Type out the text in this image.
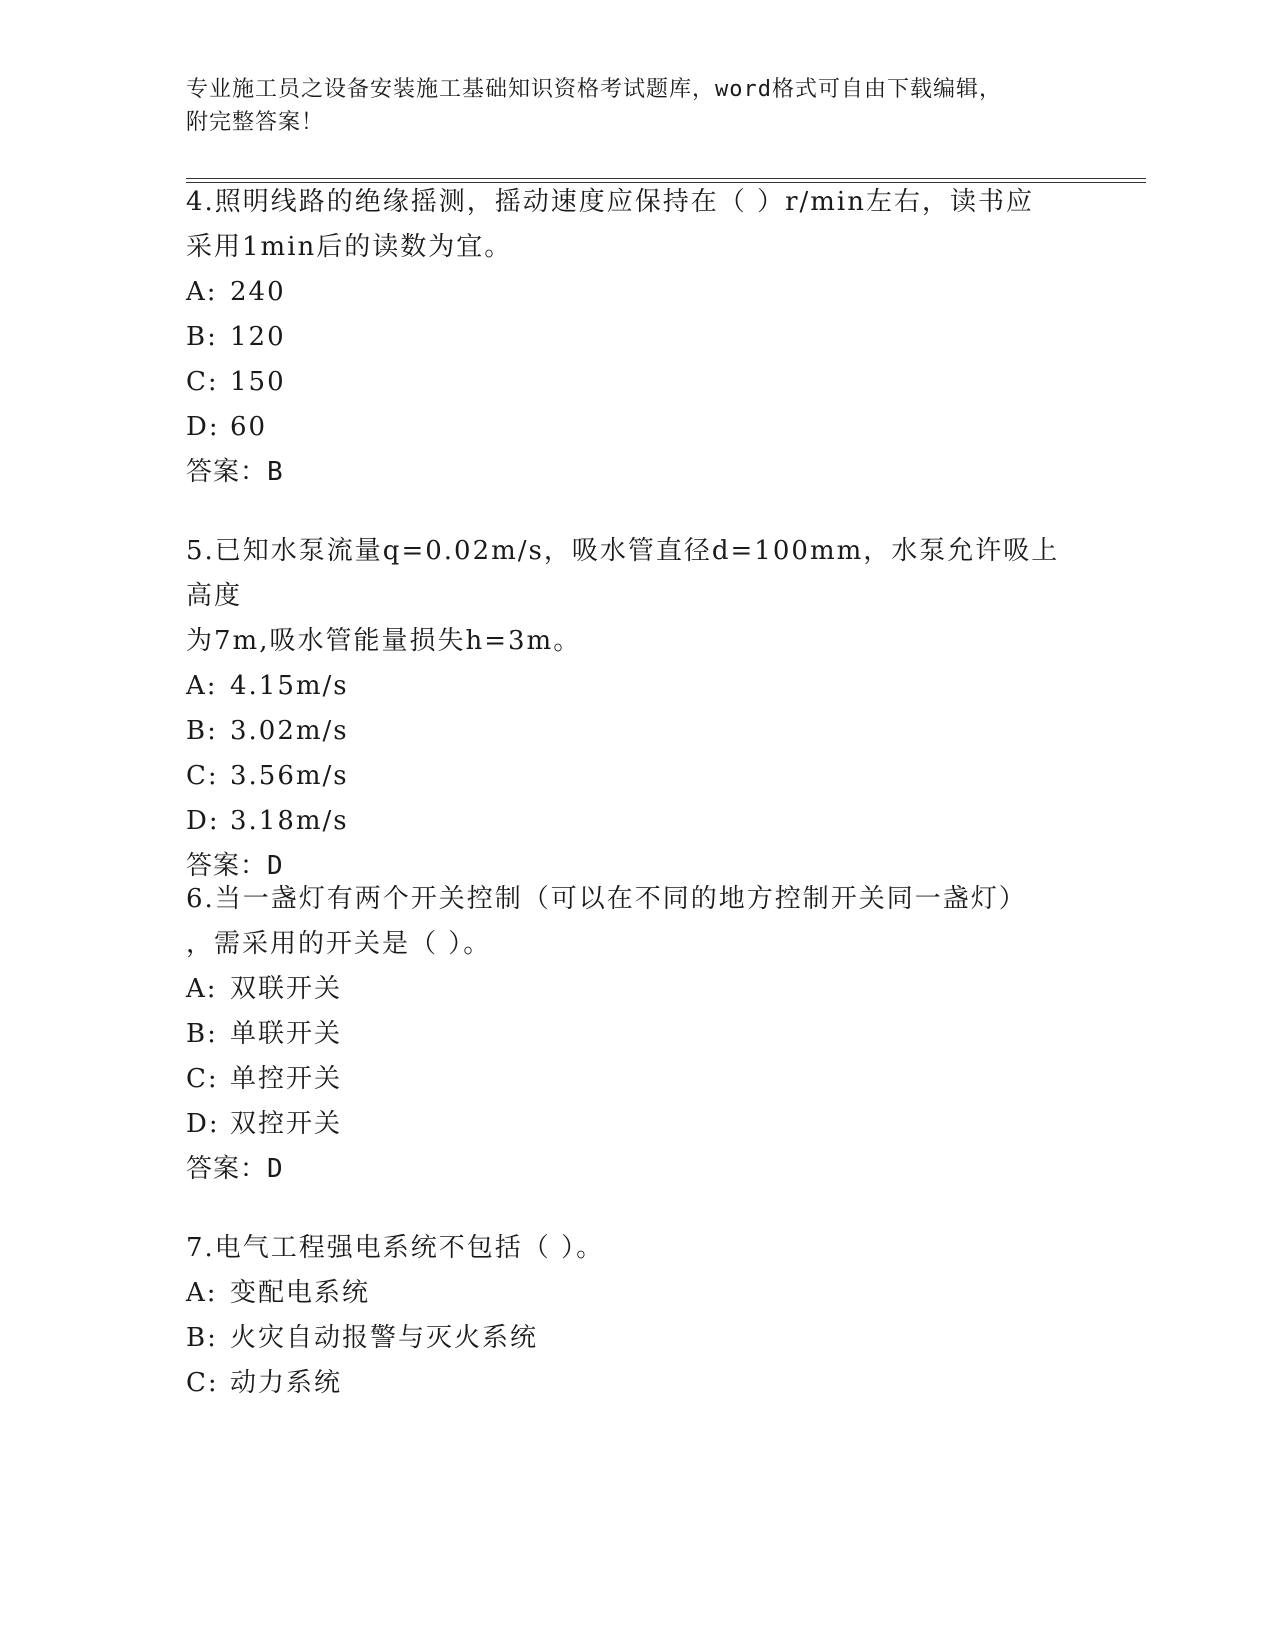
专业施工员之设备安装施工基础知识资格考试题库，word格式可自由下载编辑，
附完整答案！
4.照明线路的绝缘摇测，摇动速度应保持在（ ）r/min左右，读书应
采用1min后的读数为宜。
A: 240
B: 120
C: 150
D: 60
答案：B
5.已知水泵流量q=0.02m/s，吸水管直径d=100mm，水泵允许吸上高度
为7m,吸水管能量损失h=3m。
A: 4.15m/s
B: 3.02m/s
C: 3.56m/s
D: 3.18m/s
答案：D
6.当一盏灯有两个开关控制（可以在不同的地方控制开关同一盏灯）
，需采用的开关是（ ）。
A: 双联开关
B: 单联开关
C: 单控开关
D: 双控开关
答案：D
7.电气工程强电系统不包括（ ）。
A: 变配电系统
B: 火灾自动报警与灭火系统
C: 动力系统
